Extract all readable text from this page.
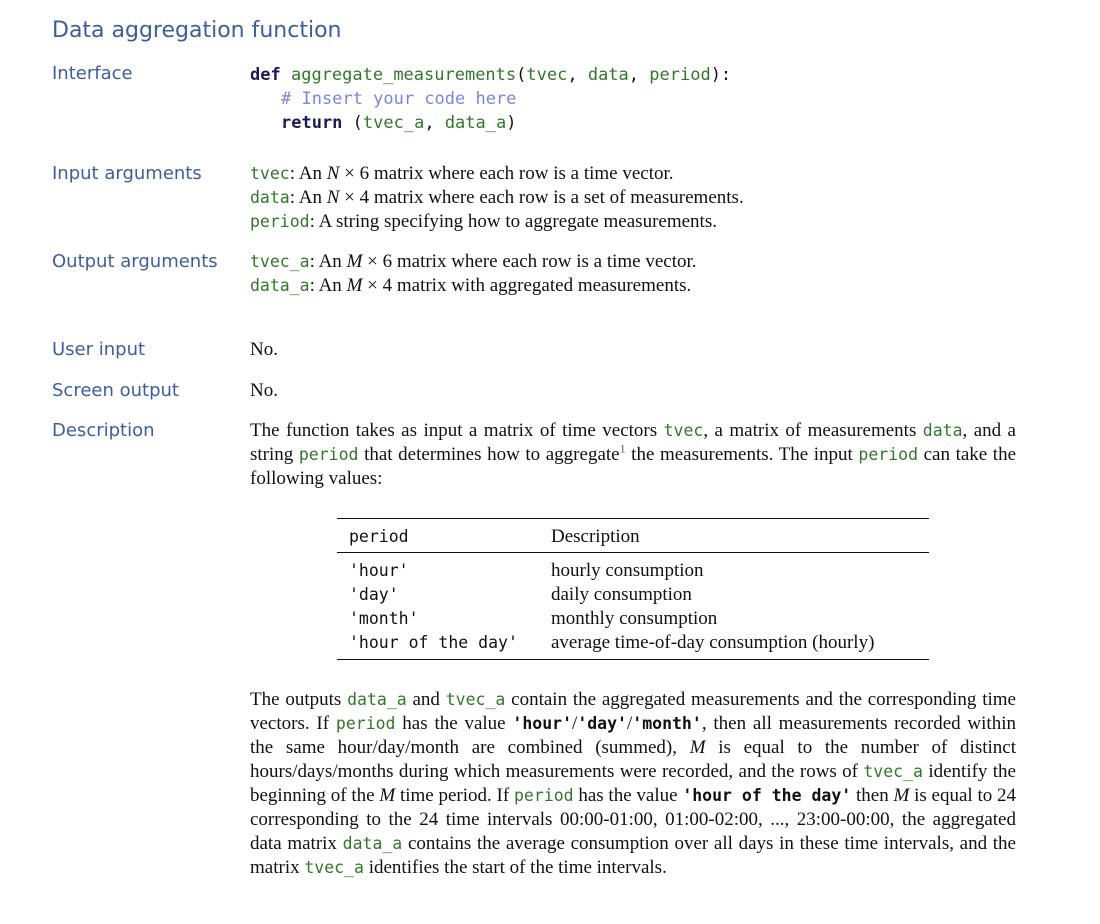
Data aggregation function
Interface	def aggregate_measurements(tvec, data, period):
# Insert your code here
return (tvec_a, data_a)
Input arguments	tvec: An N × 6 matrix where each row is a time vector.
data: An N × 4 matrix where each row is a set of measurements.
period: A string specifying how to aggregate measurements.
Output arguments tvec_a: An M × 6 matrix where each row is a time vector.
data_a: An M × 4 matrix with aggregated measurements.
User input	No.
Screen output	No.
Description	The function takes as input a matrix of time vectors tvec, a matrix of measurements data, and a string period that determines how to aggregate$^1$ the measurements. The input period can take the following values:
period	Description
'hour'	hourly consumption
'day'	daily consumption
'month'	monthly consumption
'hour of the day'	average time-of-day consumption (hourly)
The outputs data_a and tvec_a contain the aggregated measurements and the corresponding time vectors. If period has the value 'hour'/'day'/'month', then all measurements recorded within the same hour/day/month are combined (summed), M is equal to the number of distinct hours/days/months during which measurements were recorded, and the rows of tvec_a identify the beginning of the M time period. If period has the value 'hour of the day' then M is equal to 24 corresponding to the 24 time intervals 00:00-01:00, 01:00-02:00, ..., 23:00-00:00, the aggregated data matrix data_a contains the average consumption over all days in these time intervals, and the matrix tvec_a identifies the start of the time intervals.
